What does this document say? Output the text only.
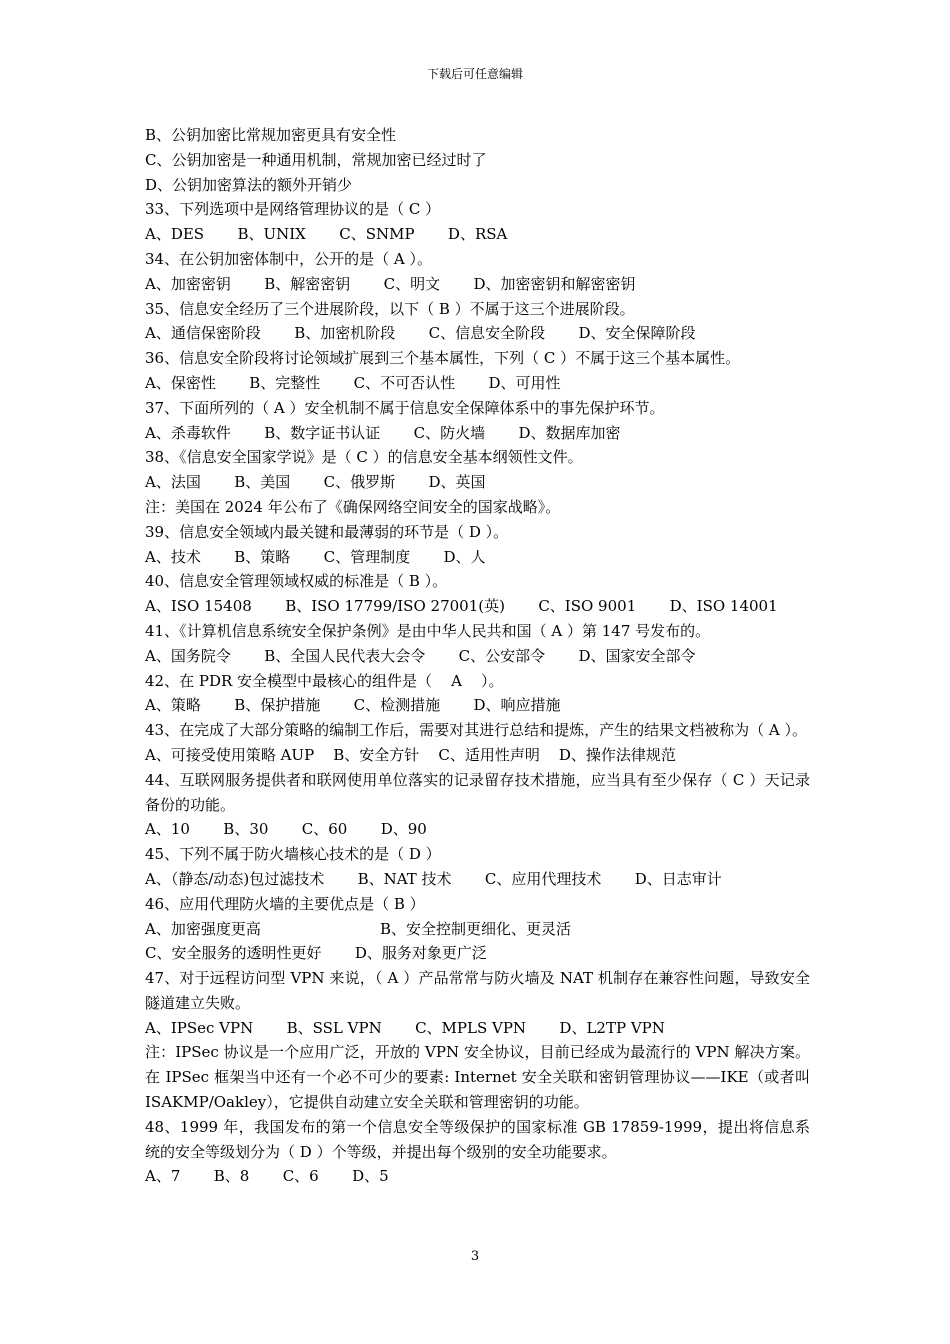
下载后可任意编辑
B、公钥加密比常规加密更具有安全性
C、公钥加密是一种通用机制，常规加密已经过时了
D、公钥加密算法的额外开销少
33、下列选项中是网络管理协议的是（ C ）
A、DES       B、UNIX       C、SNMP       D、RSA
34、在公钥加密体制中，公开的是（ A ）。
A、加密密钥       B、解密密钥       C、明文       D、加密密钥和解密密钥
35、信息安全经历了三个进展阶段，以下（ B ）不属于这三个进展阶段。
A、通信保密阶段       B、加密机阶段       C、信息安全阶段       D、安全保障阶段
36、信息安全阶段将讨论领域扩展到三个基本属性，下列（ C ）不属于这三个基本属性。
A、保密性       B、完整性       C、不可否认性       D、可用性
37、下面所列的（ A ）安全机制不属于信息安全保障体系中的事先保护环节。
A、杀毒软件       B、数字证书认证       C、防火墙       D、数据库加密
38、《信息安全国家学说》是（ C ）的信息安全基本纲领性文件。
A、法国       B、美国       C、俄罗斯       D、英国
注：美国在 2024 年公布了《确保网络空间安全的国家战略》。
39、信息安全领域内最关键和最薄弱的环节是（ D ）。
A、技术       B、策略       C、管理制度       D、人
40、信息安全管理领域权威的标准是（ B ）。
A、ISO 15408       B、ISO 17799/ISO 27001(英)       C、ISO 9001       D、ISO 14001
41、《计算机信息系统安全保护条例》是由中华人民共和国（ A ）第 147 号发布的。
A、国务院令       B、全国人民代表大会令       C、公安部令       D、国家安全部令
42、在 PDR 安全模型中最核心的组件是（    A    ）。
A、策略       B、保护措施       C、检测措施       D、响应措施
43、在完成了大部分策略的编制工作后，需要对其进行总结和提炼，产生的结果文档被称为（ A ）。
A、可接受使用策略 AUP    B、安全方针    C、适用性声明    D、操作法律规范
44、互联网服务提供者和联网使用单位落实的记录留存技术措施，应当具有至少保存（ C ）天记录备份的功能。
A、10       B、30       C、60       D、90
45、下列不属于防火墙核心技术的是（ D ）
A、（静态/动态)包过滤技术       B、NAT 技术       C、应用代理技术       D、日志审计
46、应用代理防火墙的主要优点是（ B ）
A、加密强度更高                         B、安全控制更细化、更灵活
C、安全服务的透明性更好       D、服务对象更广泛
47、对于远程访问型 VPN 来说，（ A ）产品常常与防火墙及 NAT 机制存在兼容性问题，导致安全隧道建立失败。
A、IPSec VPN       B、SSL VPN       C、MPLS VPN       D、L2TP VPN
注：IPSec 协议是一个应用广泛，开放的 VPN 安全协议，目前已经成为最流行的 VPN 解决方案。在 IPSec 框架当中还有一个必不可少的要素: Internet 安全关联和密钥管理协议——IKE（或者叫 ISAKMP/Oakley），它提供自动建立安全关联和管理密钥的功能。
48、1999 年，我国发布的第一个信息安全等级保护的国家标准 GB 17859-1999，提出将信息系统的安全等级划分为（ D ）个等级，并提出每个级别的安全功能要求。
A、7       B、8       C、6       D、5
3
